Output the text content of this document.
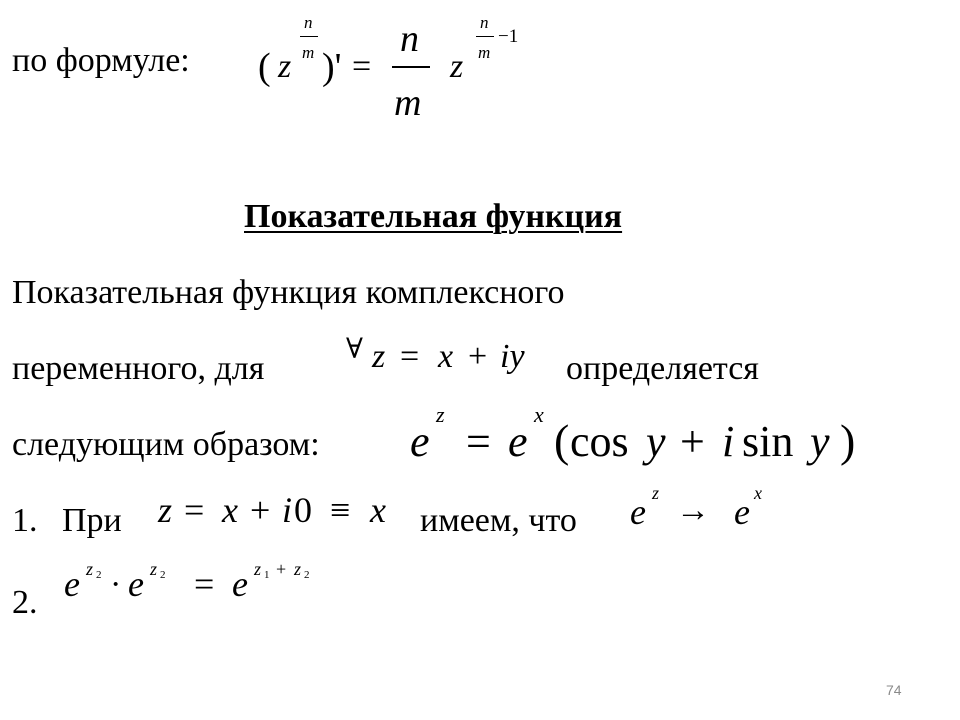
по формуле: ( z
n
m )' =
n
m
z
n
m
−1
Показательная функция
Показательная функция комплексного
переменного, для
∀ z = x + iy определяется
следующим образом: e
z
= e
x
( cos y + i sin y )
1. При z = x + i 0 ≡ x имеем, что e z → e x
2. e z 2 · e z 2 = e z 1 + z 2
74
